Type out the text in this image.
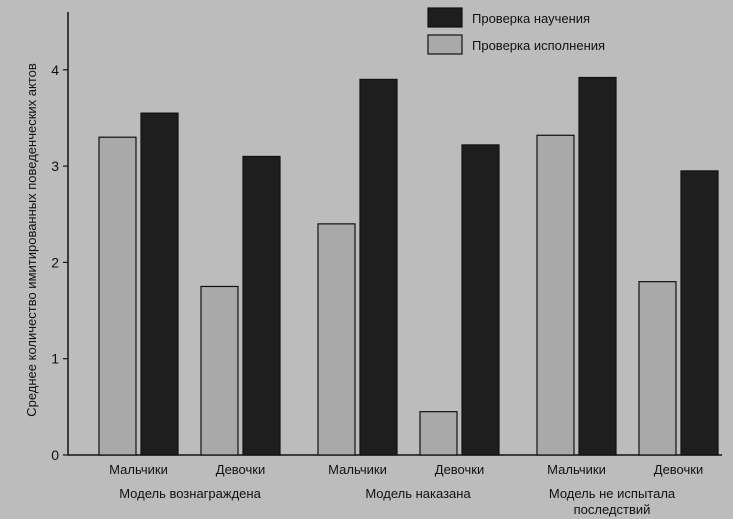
0
1
2
3
4
Мальчики	Девочки	Мальчики	Девочки	Мальчики	Девочки
Модель вознаграждена	Модель наказана	Модель не испытала последствий
Проверка научения
Проверка исполнения
Среднее количество имитированных поведенческих актов
